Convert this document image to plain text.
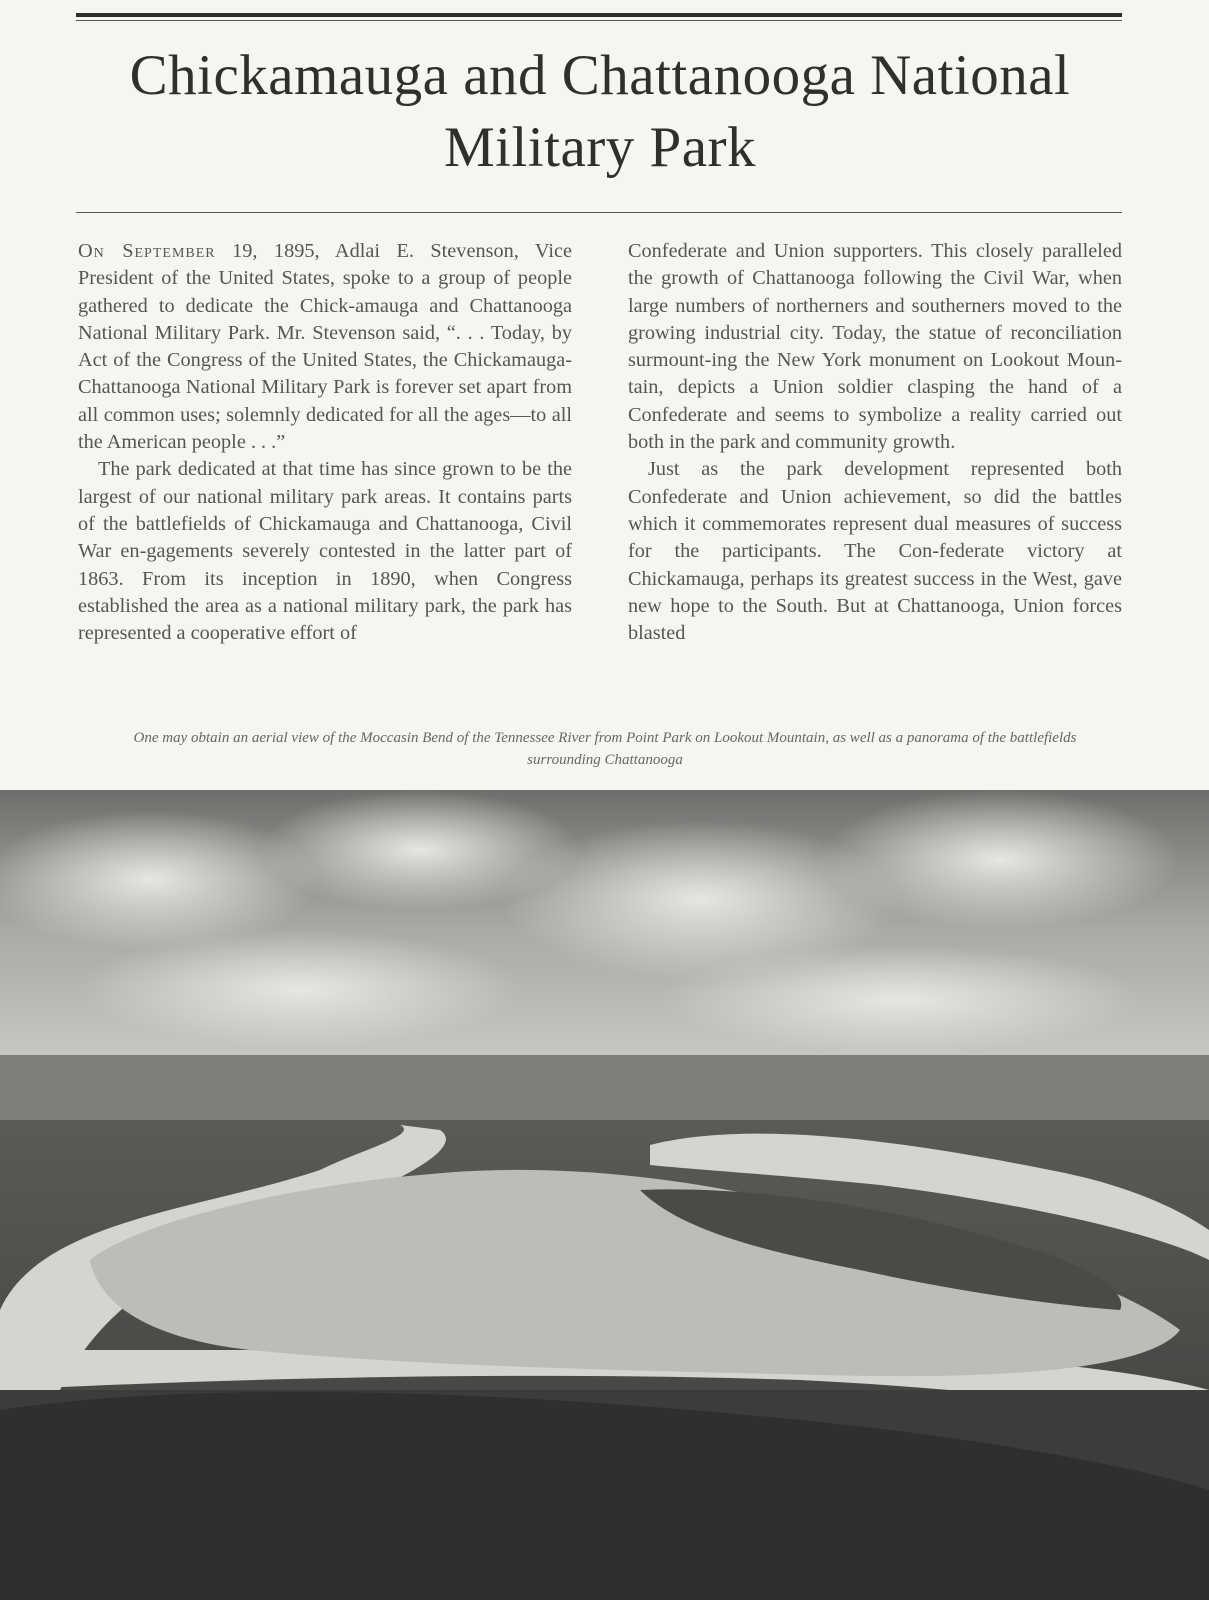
Chickamauga and Chattanooga National Military Park

On September 19, 1895, Adlai E. Stevenson, Vice President of the United States, spoke to a group of people gathered to dedicate the Chick-amauga and Chattanooga National Military Park. Mr. Stevenson said, “. . . Today, by Act of the Congress of the United States, the Chickamauga-Chattanooga National Military Park is forever set apart from all common uses; solemnly dedicated for all the ages—to all the American people . . .”

The park dedicated at that time has since grown to be the largest of our national military park areas. It contains parts of the battlefields of Chickamauga and Chattanooga, Civil War en-gagements severely contested in the latter part of 1863. From its inception in 1890, when Congress established the area as a national military park, the park has represented a cooperative effort of

Confederate and Union supporters. This closely paralleled the growth of Chattanooga following the Civil War, when large numbers of northerners and southerners moved to the growing industrial city. Today, the statue of reconciliation surmount-ing the New York monument on Lookout Moun-tain, depicts a Union soldier clasping the hand of a Confederate and seems to symbolize a reality carried out both in the park and community growth.

Just as the park development represented both Confederate and Union achievement, so did the battles which it commemorates represent dual measures of success for the participants. The Con-federate victory at Chickamauga, perhaps its greatest success in the West, gave new hope to the South. But at Chattanooga, Union forces blasted

One may obtain an aerial view of the Moccasin Bend of the Tennessee River from Point Park on Lookout Mountain, as well as a panorama of the battlefields surrounding Chattanooga
